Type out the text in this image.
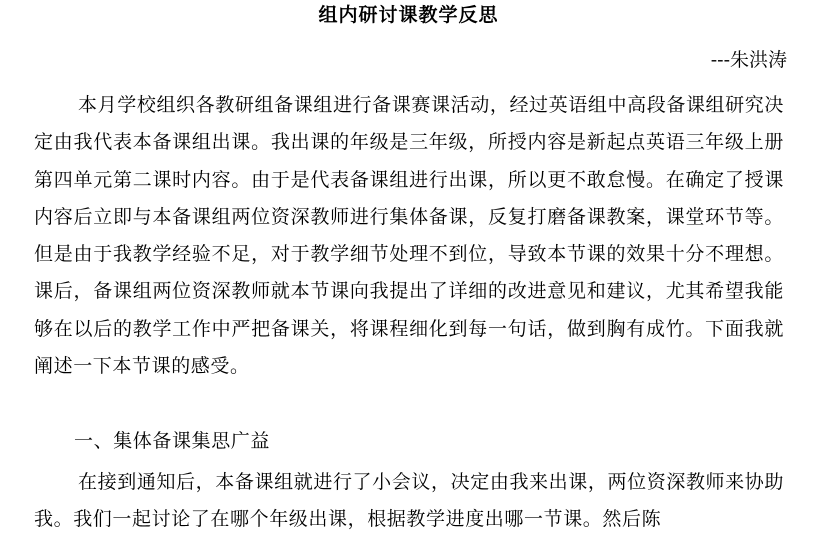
组内研讨课教学反思
---朱洪涛

本月学校组织各教研组备课组进行备课赛课活动，经过英语组中高段备课组研究决定由我代表本备课组出课。我出课的年级是三年级，所授内容是新起点英语三年级上册第四单元第二课时内容。由于是代表备课组进行出课，所以更不敢怠慢。在确定了授课内容后立即与本备课组两位资深教师进行集体备课，反复打磨备课教案，课堂环节等。但是由于我教学经验不足，对于教学细节处理不到位，导致本节课的效果十分不理想。课后，备课组两位资深教师就本节课向我提出了详细的改进意见和建议，尤其希望我能够在以后的教学工作中严把备课关，将课程细化到每一句话，做到胸有成竹。下面我就阐述一下本节课的感受。

一、集体备课集思广益

在接到通知后，本备课组就进行了小会议，决定由我来出课，两位资深教师来协助我。我们一起讨论了在哪个年级出课，根据教学进度出哪一节课。然后陈
